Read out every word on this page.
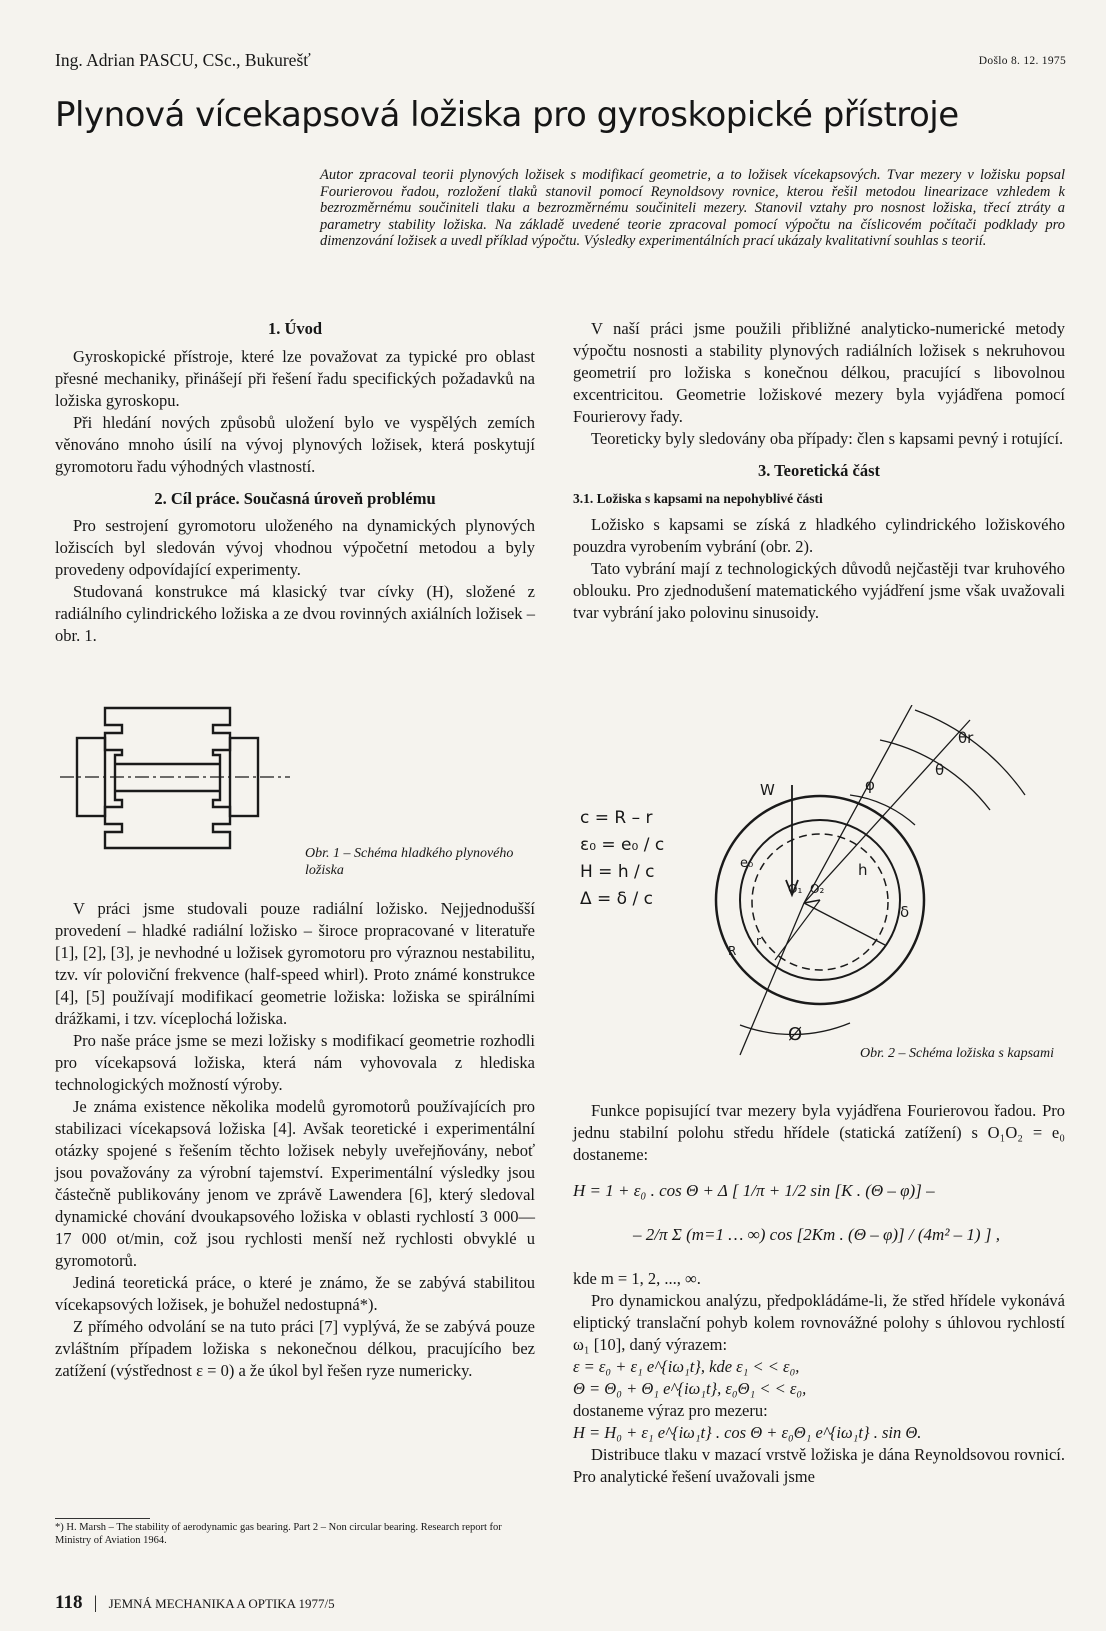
Ing. Adrian PASCU, CSc., Bukurešť	Došlo 8. 12. 1975
Plynová vícekapsová ložiska pro gyroskopické přístroje
Autor zpracoval teorii plynových ložisek s modifikací geometrie, a to ložisek vícekapsových. Tvar mezery v ložisku popsal Fourierovou řadou, rozložení tlaků stanovil pomocí Reynoldsovy rovnice, kterou řešil metodou linearizace vzhledem k bezrozměrnému součiniteli tlaku a bezrozměrnému součiniteli mezery. Stanovil vztahy pro nosnost ložiska, třecí ztráty a parametry stability ložiska. Na základě uvedené teorie zpracoval pomocí výpočtu na číslicovém počítači podklady pro dimenzování ložisek a uvedl příklad výpočtu. Výsledky experimentálních prací ukázaly kvalitativní souhlas s teorií.
1. Úvod

Gyroskopické přístroje, které lze považovat za typické pro oblast přesné mechaniky, přinášejí při řešení řadu specifických požadavků na ložiska gyroskopu.

Při hledání nových způsobů uložení bylo ve vyspělých zemích věnováno mnoho úsilí na vývoj plynových ložisek, která poskytují gyromotoru řadu výhodných vlastností.

2. Cíl práce. Současná úroveň problému

Pro sestrojení gyromotoru uloženého na dynamických plynových ložiscích byl sledován vývoj vhodnou výpočetní metodou a byly provedeny odpovídající experimenty.

Studovaná konstrukce má klasický tvar cívky (H), složené z radiálního cylindrického ložiska a ze dvou rovinných axiálních ložisek – obr. 1.

Obr. 1 – Schéma hladkého plynového ložiska

V práci jsme studovali pouze radiální ložisko. Nejjednodušší provedení – hladké radiální ložisko – široce propracované v literatuře [1], [2], [3], je nevhodné u ložisek gyromotoru pro výraznou nestabilitu, tzv. vír poloviční frekvence (half-speed whirl). Proto známé konstrukce [4], [5] používají modifikací geometrie ložiska: ložiska se spirálními drážkami, i tzv. víceplochá ložiska.

Pro naše práce jsme se mezi ložisky s modifikací geometrie rozhodli pro vícekapsová ložiska, která nám vyhovovala z hlediska technologických možností výroby.

Je známa existence několika modelů gyromotorů používajících pro stabilizaci vícekapsová ložiska [4]. Avšak teoretické i experimentální otázky spojené s řešením těchto ložisek nebyly uveřejňovány, neboť jsou považovány za výrobní tajemství. Experimentální výsledky jsou částečně publikovány jenom ve zprávě Lawendera [6], který sledoval dynamické chování dvoukapsového ložiska v oblasti rychlostí 3 000—17 000 ot/min, což jsou rychlosti menší než rychlosti obvyklé u gyromotorů.

Jediná teoretická práce, o které je známo, že se zabývá stabilitou vícekapsových ložisek, je bohužel nedostupná*).

Z přímého odvolání se na tuto práci [7] vyplývá, že se zabývá pouze zvláštním případem ložiska s nekonečnou délkou, pracujícího bez zatížení (výstřednost ε = 0) a že úkol byl řešen ryze numericky.

*) H. Marsh – The stability of aerodynamic gas bearing. Part 2 – Non circular bearing. Research report for Ministry of Aviation 1964.

V naší práci jsme použili přibližné analyticko-numerické metody výpočtu nosnosti a stability plynových radiálních ložisek s nekruhovou geometrií pro ložiska s konečnou délkou, pracující s libovolnou excentricitou. Geometrie ložiskové mezery byla vyjádřena pomocí Fourierovy řady.

Teoreticky byly sledovány oba případy: člen s kapsami pevný i rotující.

3. Teoretická část
3.1. Ložiska s kapsami na nepohyblivé části

Ložisko s kapsami se získá z hladkého cylindrického ložiskového pouzdra vyrobením vybrání (obr. 2).

Tato vybrání mají z technologických důvodů nejčastěji tvar kruhového oblouku. Pro zjednodušení matematického vyjádření jsme však uvažovali tvar vybrání jako polovinu sinusoidy.

c = R – r
ε₀ = e₀ / c
H = h / c
Δ = δ / c
W	φ
θ
θr
e₀
O₁ O₂
h
δ
R
r
Ø
Obr. 2 – Schéma ložiska s kapsami

Funkce popisující tvar mezery byla vyjádřena Fourierovou řadou. Pro jednu stabilní polohu středu hřídele (statická zatížení) s O₁O₂ = e₀ dostaneme:

H = 1 + ε₀ . cos Θ + Δ [ 1/π + 1/2 sin [K . (Θ – φ)] –
– 2/π Σ (m=1 … ∞) cos [2Km . (Θ – φ)] / (4m² – 1) ] ,

kde m = 1, 2, ..., ∞.

Pro dynamickou analýzu, předpokládáme-li, že střed hřídele vykonává eliptický translační pohyb kolem rovnovážné polohy s úhlovou rychlostí ω₁ [10], daný výrazem:

ε = ε₀ + ε₁ e^{iω₁t}, kde ε₁ < < ε₀,
Θ = Θ₀ + Θ₁ e^{iω₁t}, ε₀Θ₁ < < ε₀,

dostaneme výraz pro mezeru:

H = H₀ + ε₁ e^{iω₁t} . cos Θ + ε₀Θ₁ e^{iω₁t} . sin Θ.

Distribuce tlaku v mazací vrstvě ložiska je dána Reynoldsovou rovnicí. Pro analytické řešení uvažovali jsme

118 | JEMNÁ MECHANIKA A OPTIKA 1977/5
